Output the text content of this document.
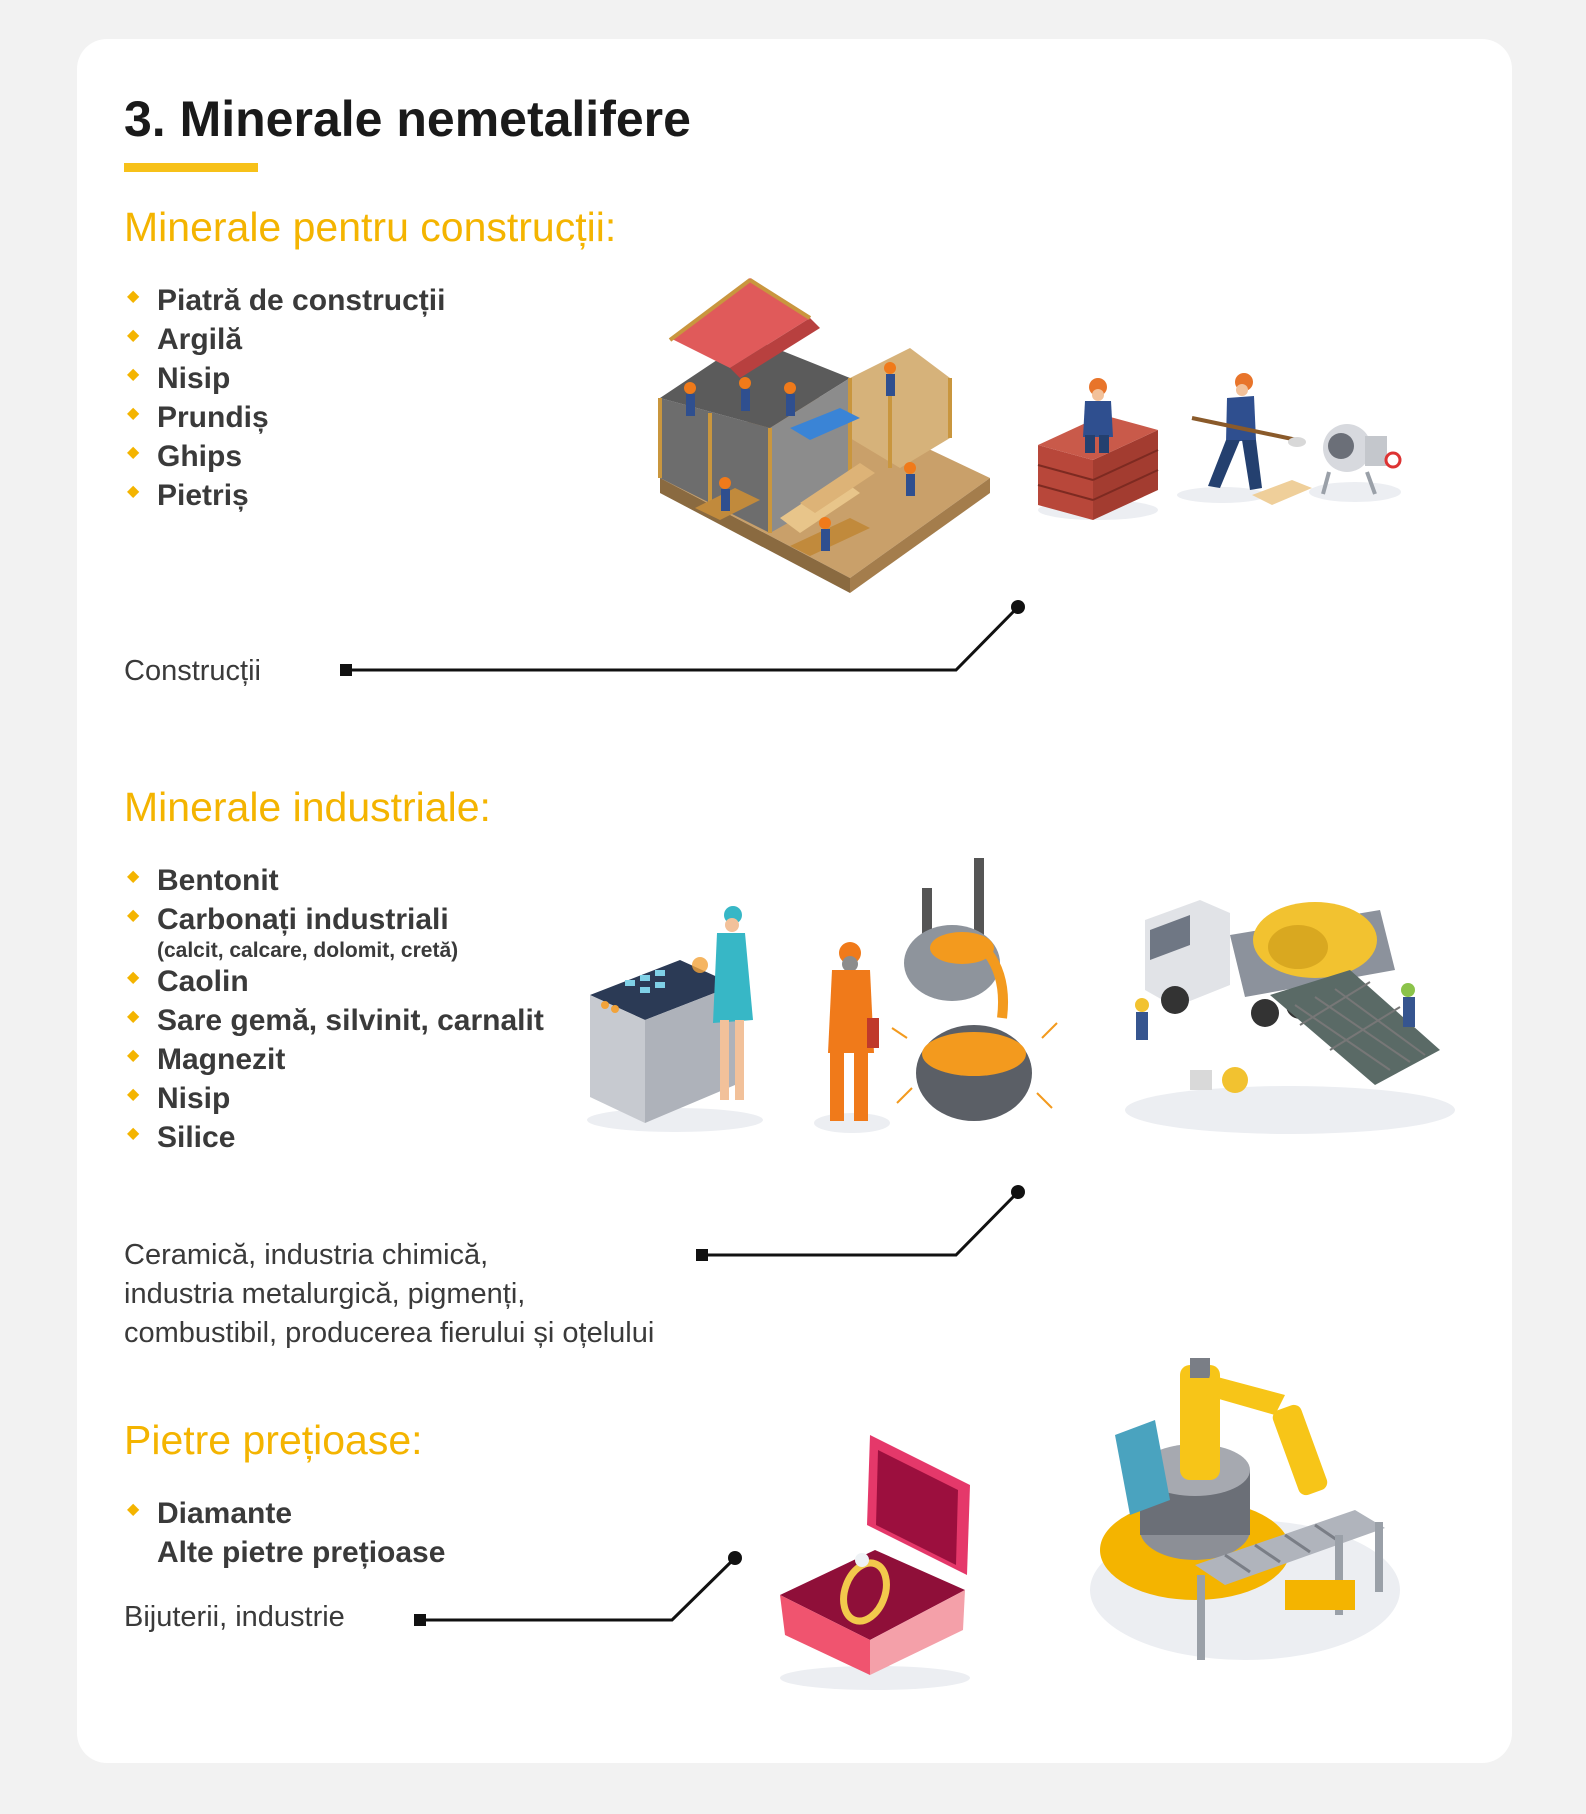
3. Minerale nemetalifere
Minerale pentru construcții:
◆ Piatră de construcții
◆ Argilă
◆ Nisip
◆ Prundiș
◆ Ghips
◆ Pietriș
Construcții
Minerale industriale:
◆ Bentonit
◆ Carbonați industriali
(calcit, calcare, dolomit, cretă)
◆ Caolin
◆ Sare gemă, silvinit, carnalit
◆ Magnezit
◆ Nisip
◆ Silice
Ceramică, industria chimică,
industria metalurgică, pigmenți,
combustibil, producerea fierului și oțelului
Pietre prețioase:
◆ Diamante
Alte pietre prețioase
Bijuterii, industrie
